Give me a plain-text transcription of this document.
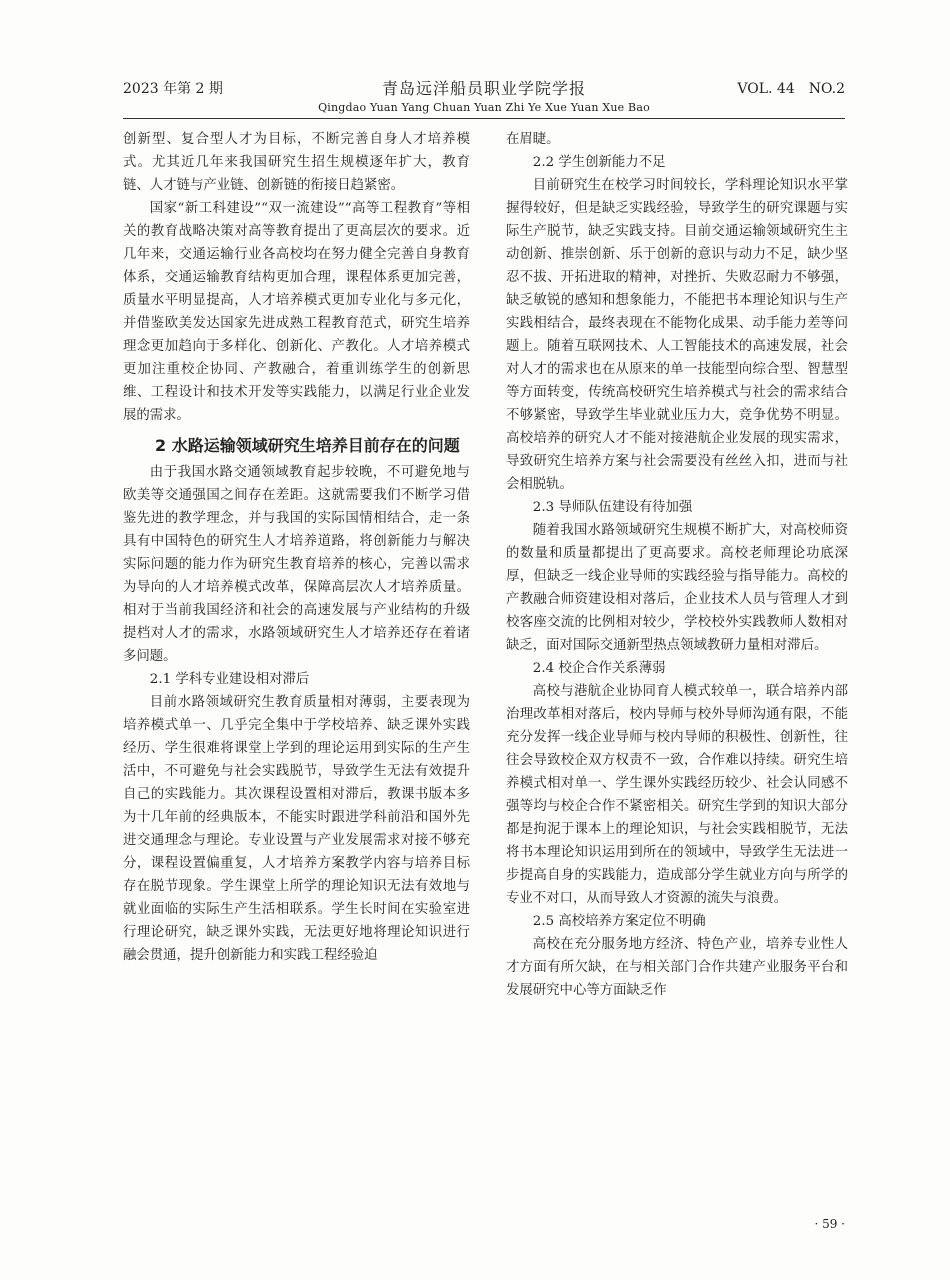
2023 年第 2 期	青岛远洋船员职业学院学报
Qingdao Yuan Yang Chuan Yuan Zhi Ye Xue Yuan Xue Bao
VOL. 44　NO.2

创新型、复合型人才为目标，不断完善自身人才培养模式。尤其近几年来我国研究生招生规模逐年扩大，教育链、人才链与产业链、创新链的衔接日趋紧密。

国家“新工科建设”“双一流建设”“高等工程教育”等相关的教育战略决策对高等教育提出了更高层次的要求。近几年来，交通运输行业各高校均在努力健全完善自身教育体系，交通运输教育结构更加合理，课程体系更加完善，质量水平明显提高，人才培养模式更加专业化与多元化，并借鉴欧美发达国家先进成熟工程教育范式，研究生培养理念更加趋向于多样化、创新化、产教化。人才培养模式更加注重校企协同、产教融合，着重训练学生的创新思维、工程设计和技术开发等实践能力，以满足行业企业发展的需求。

2 水路运输领域研究生培养目前存在的问题

由于我国水路交通领域教育起步较晚，不可避免地与欧美等交通强国之间存在差距。这就需要我们不断学习借鉴先进的教学理念，并与我国的实际国情相结合，走一条具有中国特色的研究生人才培养道路，将创新能力与解决实际问题的能力作为研究生教育培养的核心，完善以需求为导向的人才培养模式改革，保障高层次人才培养质量。相对于当前我国经济和社会的高速发展与产业结构的升级提档对人才的需求，水路领域研究生人才培养还存在着诸多问题。

2.1 学科专业建设相对滞后

目前水路领域研究生教育质量相对薄弱，主要表现为培养模式单一、几乎完全集中于学校培养、缺乏课外实践经历、学生很难将课堂上学到的理论运用到实际的生产生活中，不可避免与社会实践脱节，导致学生无法有效提升自己的实践能力。其次课程设置相对滞后，教课书版本多为十几年前的经典版本，不能实时跟进学科前沿和国外先进交通理念与理论。专业设置与产业发展需求对接不够充分，课程设置偏重复，人才培养方案教学内容与培养目标存在脱节现象。学生课堂上所学的理论知识无法有效地与就业面临的实际生产生活相联系。学生长时间在实验室进行理论研究，缺乏课外实践，无法更好地将理论知识进行融会贯通，提升创新能力和实践工程经验迫

在眉睫。

2.2 学生创新能力不足

目前研究生在校学习时间较长，学科理论知识水平掌握得较好，但是缺乏实践经验，导致学生的研究课题与实际生产脱节，缺乏实践支持。目前交通运输领域研究生主动创新、推崇创新、乐于创新的意识与动力不足，缺少坚忍不拔、开拓进取的精神，对挫折、失败忍耐力不够强，缺乏敏锐的感知和想象能力，不能把书本理论知识与生产实践相结合，最终表现在不能物化成果、动手能力差等问题上。随着互联网技术、人工智能技术的高速发展，社会对人才的需求也在从原来的单一技能型向综合型、智慧型等方面转变，传统高校研究生培养模式与社会的需求结合不够紧密，导致学生毕业就业压力大，竞争优势不明显。高校培养的研究人才不能对接港航企业发展的现实需求，导致研究生培养方案与社会需要没有丝丝入扣，进而与社会相脱轨。

2.3 导师队伍建设有待加强

随着我国水路领域研究生规模不断扩大，对高校师资的数量和质量都提出了更高要求。高校老师理论功底深厚，但缺乏一线企业导师的实践经验与指导能力。高校的产教融合师资建设相对落后，企业技术人员与管理人才到校客座交流的比例相对较少，学校校外实践教师人数相对缺乏，面对国际交通新型热点领域教研力量相对滞后。

2.4 校企合作关系薄弱

高校与港航企业协同育人模式较单一，联合培养内部治理改革相对落后，校内导师与校外导师沟通有限，不能充分发挥一线企业导师与校内导师的积极性、创新性，往往会导致校企双方权责不一致，合作难以持续。研究生培养模式相对单一、学生课外实践经历较少、社会认同感不强等均与校企合作不紧密相关。研究生学到的知识大部分都是拘泥于课本上的理论知识，与社会实践相脱节，无法将书本理论知识运用到所在的领域中，导致学生无法进一步提高自身的实践能力，造成部分学生就业方向与所学的专业不对口，从而导致人才资源的流失与浪费。

2.5 高校培养方案定位不明确

高校在充分服务地方经济、特色产业，培养专业性人才方面有所欠缺，在与相关部门合作共建产业服务平台和发展研究中心等方面缺乏作

· 59 ·
